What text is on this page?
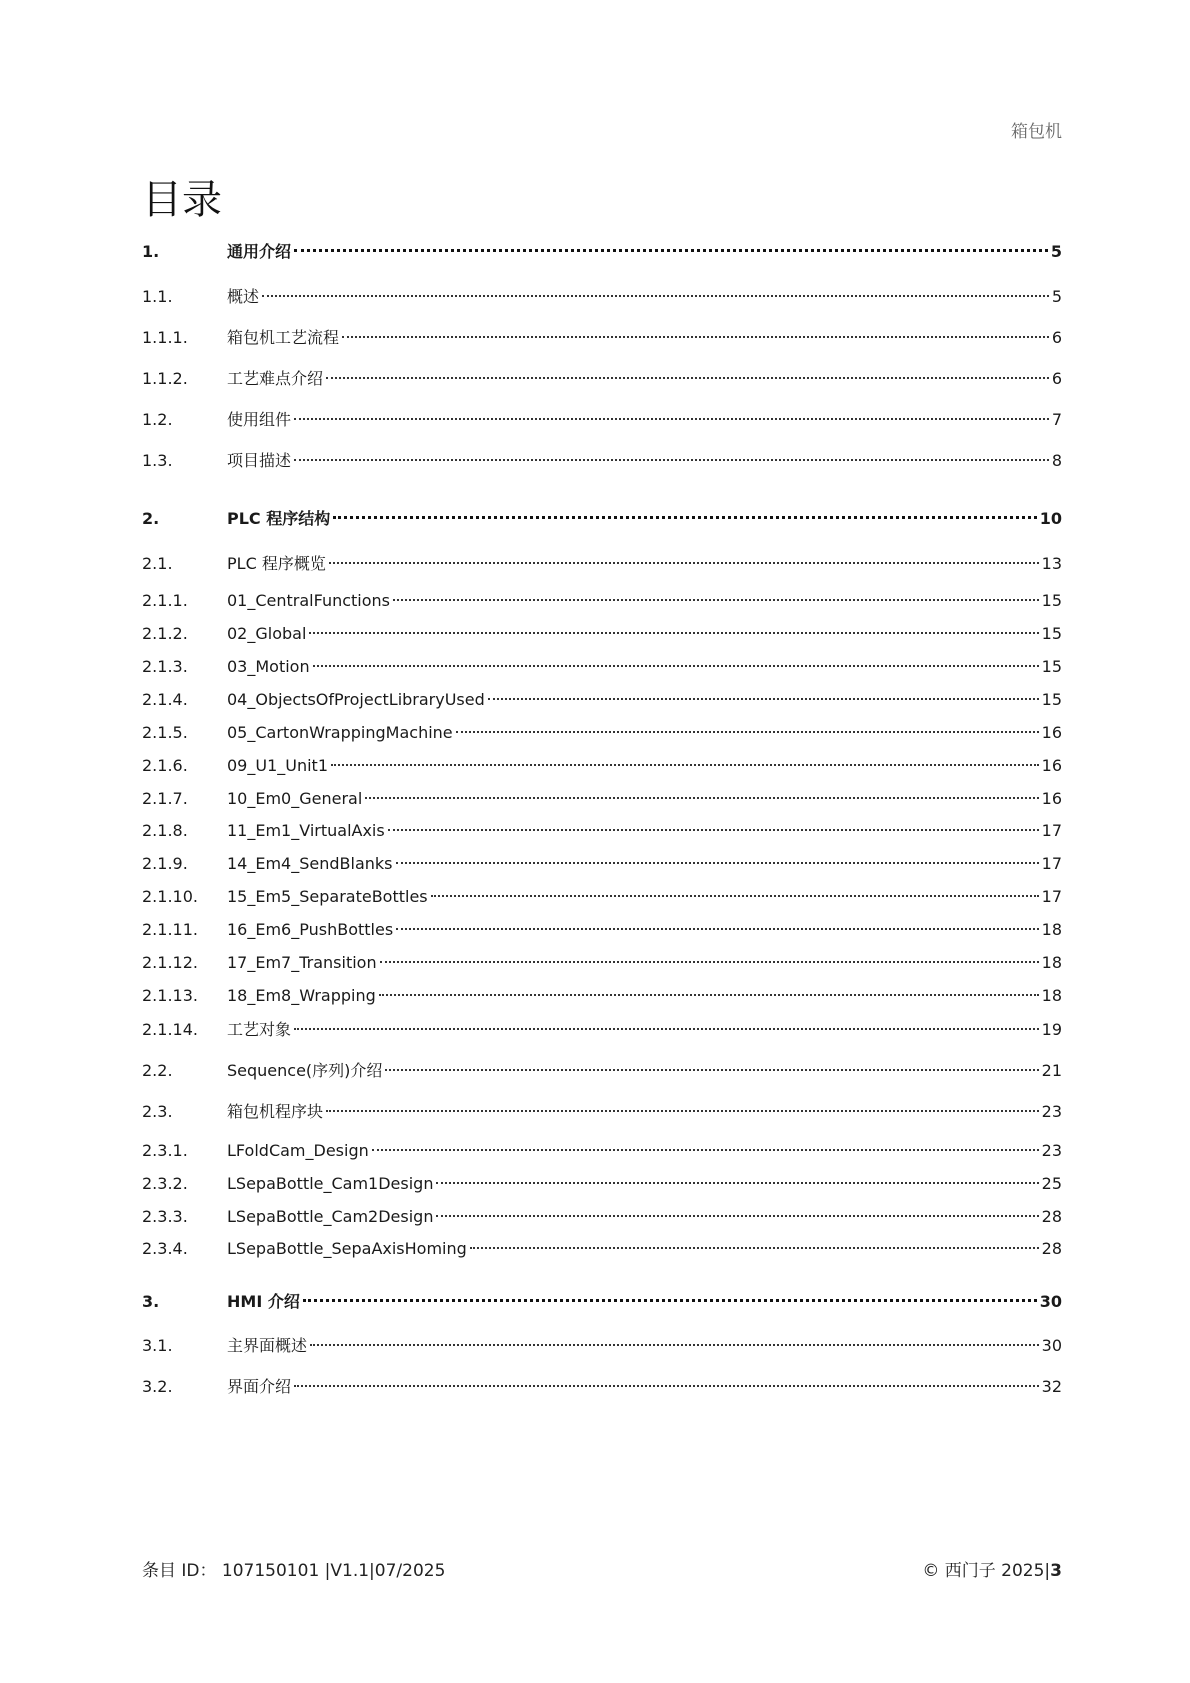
箱包机
目录
1.	通用介绍	5
1.1.	概述	5
1.1.1.	箱包机工艺流程	6
1.1.2.	工艺难点介绍	6
1.2.	使用组件	7
1.3.	项目描述	8
2.	PLC 程序结构	10
2.1.	PLC 程序概览	13
2.1.1.	01_CentralFunctions	15
2.1.2.	02_Global	15
2.1.3.	03_Motion	15
2.1.4.	04_ObjectsOfProjectLibraryUsed	15
2.1.5.	05_CartonWrappingMachine	16
2.1.6.	09_U1_Unit1	16
2.1.7.	10_Em0_General	16
2.1.8.	11_Em1_VirtualAxis	17
2.1.9.	14_Em4_SendBlanks	17
2.1.10.	15_Em5_SeparateBottles	17
2.1.11.	16_Em6_PushBottles	18
2.1.12.	17_Em7_Transition	18
2.1.13.	18_Em8_Wrapping	18
2.1.14.	工艺对象	19
2.2.	Sequence(序列)介绍	21
2.3.	箱包机程序块	23
2.3.1.	LFoldCam_Design	23
2.3.2.	LSepaBottle_Cam1Design	25
2.3.3.	LSepaBottle_Cam2Design	28
2.3.4.	LSepaBottle_SepaAxisHoming	28
3.	HMI 介绍	30
3.1.	主界面概述	30
3.2.	界面介绍	32
条目 ID： 107150101 |V1.1|07/2025	© 西门子 2025|3
